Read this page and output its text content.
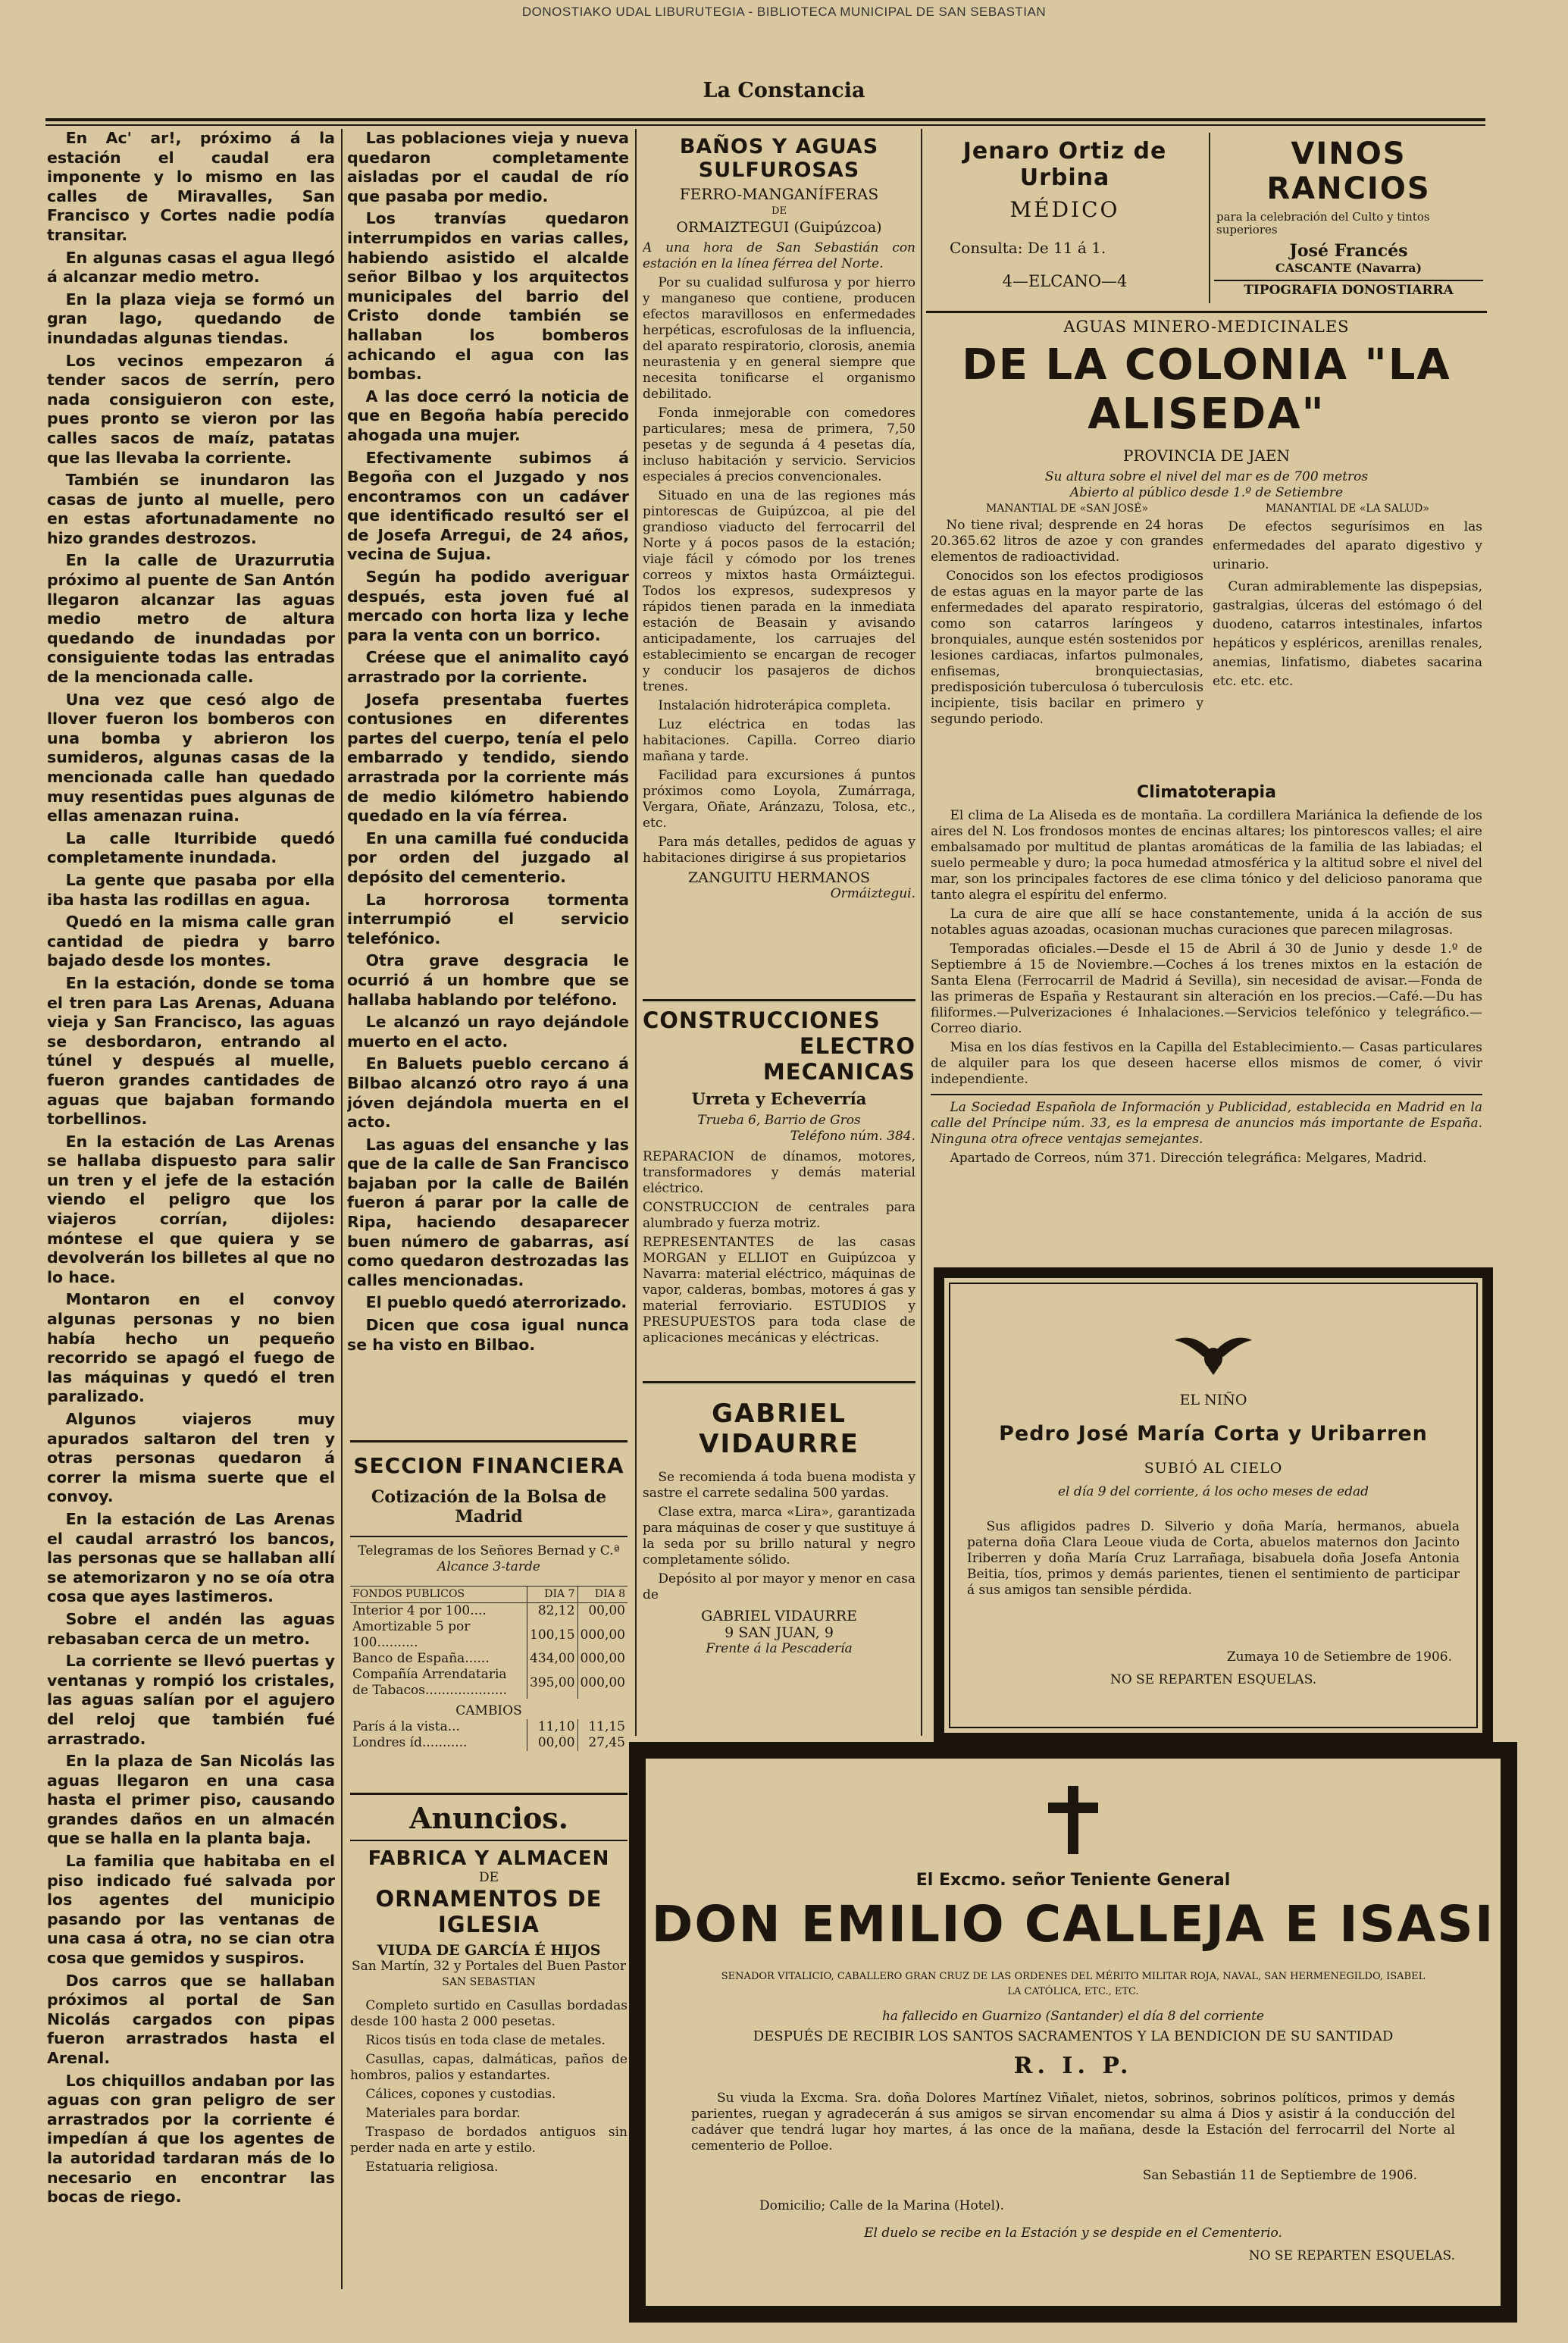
DONOSTIAKO UDAL LIBURUTEGIA - BIBLIOTECA MUNICIPAL DE SAN SEBASTIAN
La Constancia

En Ac' ar!, próximo á la estación el caudal era imponente y lo mismo en las calles de Miravalles, San Francisco y Cortes nadie podía transitar.

En algunas casas el agua llegó á alcanzar medio metro.

En la plaza vieja se formó un gran lago, quedando de inundadas algunas tiendas.

Los vecinos empezaron á tender sacos de serrín, pero nada consiguieron con este, pues pronto se vieron por las calles sacos de maíz, patatas que las llevaba la corriente.

También se inundaron las casas de junto al muelle, pero en estas afortunadamente no hizo grandes destrozos.

En la calle de Urazurrutia próximo al puente de San Antón llegaron alcanzar las aguas medio metro de altura quedando de inundadas por consiguiente todas las entradas de la mencionada calle.

Una vez que cesó algo de llover fueron los bomberos con una bomba y abrieron los sumideros, algunas casas de la mencionada calle han quedado muy resentidas pues algunas de ellas amenazan ruina.

La calle Iturribide quedó completamente inundada.

La gente que pasaba por ella iba hasta las rodillas en agua.

Quedó en la misma calle gran cantidad de piedra y barro bajado desde los montes.

En la estación, donde se toma el tren para Las Arenas, Aduana vieja y San Francisco, las aguas se desbordaron, entrando al túnel y después al muelle, fueron grandes cantidades de aguas que bajaban formando torbellinos.

En la estación de Las Arenas se hallaba dispuesto para salir un tren y el jefe de la estación viendo el peligro que los viajeros corrían, dijoles: móntese el que quiera y se devolverán los billetes al que no lo hace.

Montaron en el convoy algunas personas y no bien había hecho un pequeño recorrido se apagó el fuego de las máquinas y quedó el tren paralizado.

Algunos viajeros muy apurados saltaron del tren y otras personas quedaron á correr la misma suerte que el convoy.

En la estación de Las Arenas el caudal arrastró los bancos, las personas que se hallaban allí se atemorizaron y no se oía otra cosa que ayes lastimeros.

Sobre el andén las aguas rebasaban cerca de un metro.

La corriente se llevó puertas y ventanas y rompió los cristales, las aguas salían por el agujero del reloj que también fué arrastrado.

En la plaza de San Nicolás las aguas llegaron en una casa hasta el primer piso, causando grandes daños en un almacén que se halla en la planta baja.

La familia que habitaba en el piso indicado fué salvada por los agentes del municipio pasando por las ventanas de una casa á otra, no se cian otra cosa que gemidos y suspiros.

Dos carros que se hallaban próximos al portal de San Nicolás cargados con pipas fueron arrastrados hasta el Arenal.

Los chiquillos andaban por las aguas con gran peligro de ser arrastrados por la corriente é impedían á que los agentes de la autoridad tardaran más de lo necesario en encontrar las bocas de riego.

Las poblaciones vieja y nueva quedaron completamente aisladas por el caudal de río que pasaba por medio.

Los tranvías quedaron interrumpidos en varias calles, habiendo asistido el alcalde señor Bilbao y los arquitectos municipales del barrio del Cristo donde también se hallaban los bomberos achicando el agua con las bombas.

A las doce cerró la noticia de que en Begoña había perecido ahogada una mujer.

Efectivamente subimos á Begoña con el Juzgado y nos encontramos con un cadáver que identificado resultó ser el de Josefa Arregui, de 24 años, vecina de Sujua.

Según ha podido averiguar después, esta joven fué al mercado con horta liza y leche para la venta con un borrico.

Créese que el animalito cayó arrastrado por la corriente.

Josefa presentaba fuertes contusiones en diferentes partes del cuerpo, tenía el pelo embarrado y tendido, siendo arrastrada por la corriente más de medio kilómetro habiendo quedado en la vía férrea.

En una camilla fué conducida por orden del juzgado al depósito del cementerio.

La horrorosa tormenta interrumpió el servicio telefónico.

Otra grave desgracia le ocurrió á un hombre que se hallaba hablando por teléfono.

Le alcanzó un rayo dejándole muerto en el acto.

En Baluets pueblo cercano á Bilbao alcanzó otro rayo á una jóven dejándola muerta en el acto.

Las aguas del ensanche y las que de la calle de San Francisco bajaban por la calle de Bailén fueron á parar por la calle de Ripa, haciendo desaparecer buen número de gabarras, así como quedaron destrozadas las calles mencionadas.

El pueblo quedó aterrorizado.

Dicen que cosa igual nunca se ha visto en Bilbao.

SECCION FINANCIERA
Cotización de la Bolsa de Madrid
Telegramas de los Señores Bernad y C.ª
Alcance 3-tarde
FONDOS PUBLICOS	DIA 7	DIA 8
Interior 4 por 100....	82,12	00,00
Amortizable 5 por 100..........	100,15	000,00
Banco de España......	434,00	000,00
Compañía Arrendataria de Tabacos....................	395,00	000,00
CAMBIOS		
París á la vista...	11,10	11,15
Londres íd...........	00,00	27,45
Anuncios.
FABRICA Y ALMACEN
DE
ORNAMENTOS DE IGLESIA
VIUDA DE GARCÍA É HIJOS
San Martín, 32 y Portales del Buen Pastor
SAN SEBASTIAN

Completo surtido en Casullas bordadas desde 100 hasta 2 000 pesetas.

Ricos tisús en toda clase de metales.

Casullas, capas, dalmáticas, paños de hombros, palios y estandartes.

Cálices, copones y custodias.

Materiales para bordar.

Traspaso de bordados antiguos sin perder nada en arte y estilo.

Estatuaria religiosa.

BAÑOS Y AGUAS SULFUROSAS
FERRO-MANGANÍFERAS
DE
ORMAIZTEGUI (Guipúzcoa)
A una hora de San Sebastián con estación en la línea férrea del Norte.

Por su cualidad sulfurosa y por hierro y manganeso que contiene, producen efectos maravillosos en enfermedades herpéticas, escrofulosas de la influencia, del aparato respiratorio, clorosis, anemia neurastenia y en general siempre que necesita tonificarse el organismo debilitado.

Fonda inmejorable con comedores particulares; mesa de primera, 7,50 pesetas y de segunda á 4 pesetas día, incluso habitación y servicio. Servicios especiales á precios convencionales.

Situado en una de las regiones más pintorescas de Guipúzcoa, al pie del grandioso viaducto del ferrocarril del Norte y á pocos pasos de la estación; viaje fácil y cómodo por los trenes correos y mixtos hasta Ormáiztegui. Todos los expresos, sudexpresos y rápidos tienen parada en la inmediata estación de Beasain y avisando anticipadamente, los carruajes del establecimiento se encargan de recoger y conducir los pasajeros de dichos trenes.

Instalación hidroterápica completa.

Luz eléctrica en todas las habitaciones. Capilla. Correo diario mañana y tarde.

Facilidad para excursiones á puntos próximos como Loyola, Zumárraga, Vergara, Oñate, Aránzazu, Tolosa, etc., etc.

Para más detalles, pedidos de aguas y habitaciones dirigirse á sus propietarios

ZANGUITU HERMANOS
Ormáiztegui.
CONSTRUCCIONES
ELECTRO MECANICAS
Urreta y Echeverría
Trueba 6, Barrio de Gros
Teléfono núm. 384.

REPARACION de dínamos, motores, transformadores y demás material eléctrico.

CONSTRUCCION de centrales para alumbrado y fuerza motriz.

REPRESENTANTES de las casas MORGAN y ELLIOT en Guipúzcoa y Navarra: material eléctrico, máquinas de vapor, calderas, bombas, motores á gas y material ferroviario. ESTUDIOS y PRESUPUESTOS para toda clase de aplicaciones mecánicas y eléctricas.

GABRIEL VIDAURRE

Se recomienda á toda buena modista y sastre el carrete sedalina 500 yardas.

Clase extra, marca «Lira», garantizada para máquinas de coser y que sustituye á la seda por su brillo natural y negro completamente sólido.

Depósito al por mayor y menor en casa de

GABRIEL VIDAURRE
9 SAN JUAN, 9
Frente á la Pescadería
Jenaro Ortiz de Urbina
MÉDICO
Consulta: De 11 á 1.
4—ELCANO—4
VINOS RANCIOS
para la celebración del Culto y tintos superiores
José Francés
CASCANTE (Navarra)
TIPOGRAFIA DONOSTIARRA
AGUAS MINERO-MEDICINALES
DE LA COLONIA "LA ALISEDA"
PROVINCIA DE JAEN
Su altura sobre el nivel del mar es de 700 metros
Abierto al público desde 1.º de Setiembre
MANANTIAL DE «SAN JOSÉ»

No tiene rival; desprende en 24 horas 20.365.62 litros de azoe y con grandes elementos de radioactividad.

Conocidos son los efectos prodigiosos de estas aguas en la mayor parte de las enfermedades del aparato respiratorio, como son catarros laríngeos y bronquiales, aunque estén sostenidos por lesiones cardiacas, infartos pulmonales, enfisemas, bronquiectasias, predisposición tuberculosa ó tuberculosis incipiente, tisis bacilar en primero y segundo periodo.

MANANTIAL DE «LA SALUD»

De efectos segurísimos en las enfermedades del aparato digestivo y urinario.

Curan admirablemente las dispepsias, gastralgias, úlceras del estómago ó del duodeno, catarros intestinales, infartos hepáticos y espléricos, arenillas renales, anemias, linfatismo, diabetes sacarina etc. etc. etc.

Climatoterapia

El clima de La Aliseda es de montaña. La cordillera Mariánica la defiende de los aires del N. Los frondosos montes de encinas altares; los pintorescos valles; el aire embalsamado por multitud de plantas aromáticas de la familia de las labiadas; el suelo permeable y duro; la poca humedad atmosférica y la altitud sobre el nivel del mar, son los principales factores de ese clima tónico y del delicioso panorama que tanto alegra el espíritu del enfermo.

La cura de aire que allí se hace constantemente, unida á la acción de sus notables aguas azoadas, ocasionan muchas curaciones que parecen milagrosas.

Temporadas oficiales.—Desde el 15 de Abril á 30 de Junio y desde 1.º de Septiembre á 15 de Noviembre.—Coches á los trenes mixtos en la estación de Santa Elena (Ferrocarril de Madrid á Sevilla), sin necesidad de avisar.—Fonda de las primeras de España y Restaurant sin alteración en los precios.—Café.—Du has filiformes.—Pulverizaciones é Inhalaciones.—Servicios telefónico y telegráfico.—Correo diario.

Misa en los días festivos en la Capilla del Establecimiento.— Casas particulares de alquiler para los que deseen hacerse ellos mismos de comer, ó vivir independiente.

La Sociedad Española de Información y Publicidad, establecida en Madrid en la calle del Príncipe núm. 33, es la empresa de anuncios más importante de España. Ninguna otra ofrece ventajas semejantes.

Apartado de Correos, núm 371. Dirección telegráfica: Melgares, Madrid.

EL NIÑO
Pedro José María Corta y Uribarren
SUBIÓ AL CIELO
el día 9 del corriente, á los ocho meses de edad
Sus afligidos padres D. Silverio y doña María, hermanos, abuela paterna doña Clara Leoue viuda de Corta, abuelos maternos don Jacinto Iriberren y doña María Cruz Larrañaga, bisabuela doña Josefa Antonia Beitia, tíos, primos y demás parientes, tienen el sentimiento de participar á sus amigos tan sensible pérdida.
Zumaya 10 de Setiembre de 1906.
NO SE REPARTEN ESQUELAS.
El Excmo. señor Teniente General
DON EMILIO CALLEJA E ISASI
SENADOR VITALICIO, CABALLERO GRAN CRUZ DE LAS ORDENES DEL MÉRITO MILITAR ROJA, NAVAL, SAN HERMENEGILDO, ISABEL LA CATÓLICA, ETC., ETC.
ha fallecido en Guarnizo (Santander) el día 8 del corriente
DESPUÉS DE RECIBIR LOS SANTOS SACRAMENTOS Y LA BENDICION DE SU SANTIDAD
R. I. P.
Su viuda la Excma. Sra. doña Dolores Martínez Viñalet, nietos, sobrinos, sobrinos políticos, primos y demás parientes, ruegan y agradecerán á sus amigos se sirvan encomendar su alma á Dios y asistir á la conducción del cadáver que tendrá lugar hoy martes, á las once de la mañana, desde la Estación del ferrocarril del Norte al cementerio de Polloe.
San Sebastián 11 de Septiembre de 1906.
Domicilio; Calle de la Marina (Hotel).
El duelo se recibe en la Estación y se despide en el Cementerio.
NO SE REPARTEN ESQUELAS.
